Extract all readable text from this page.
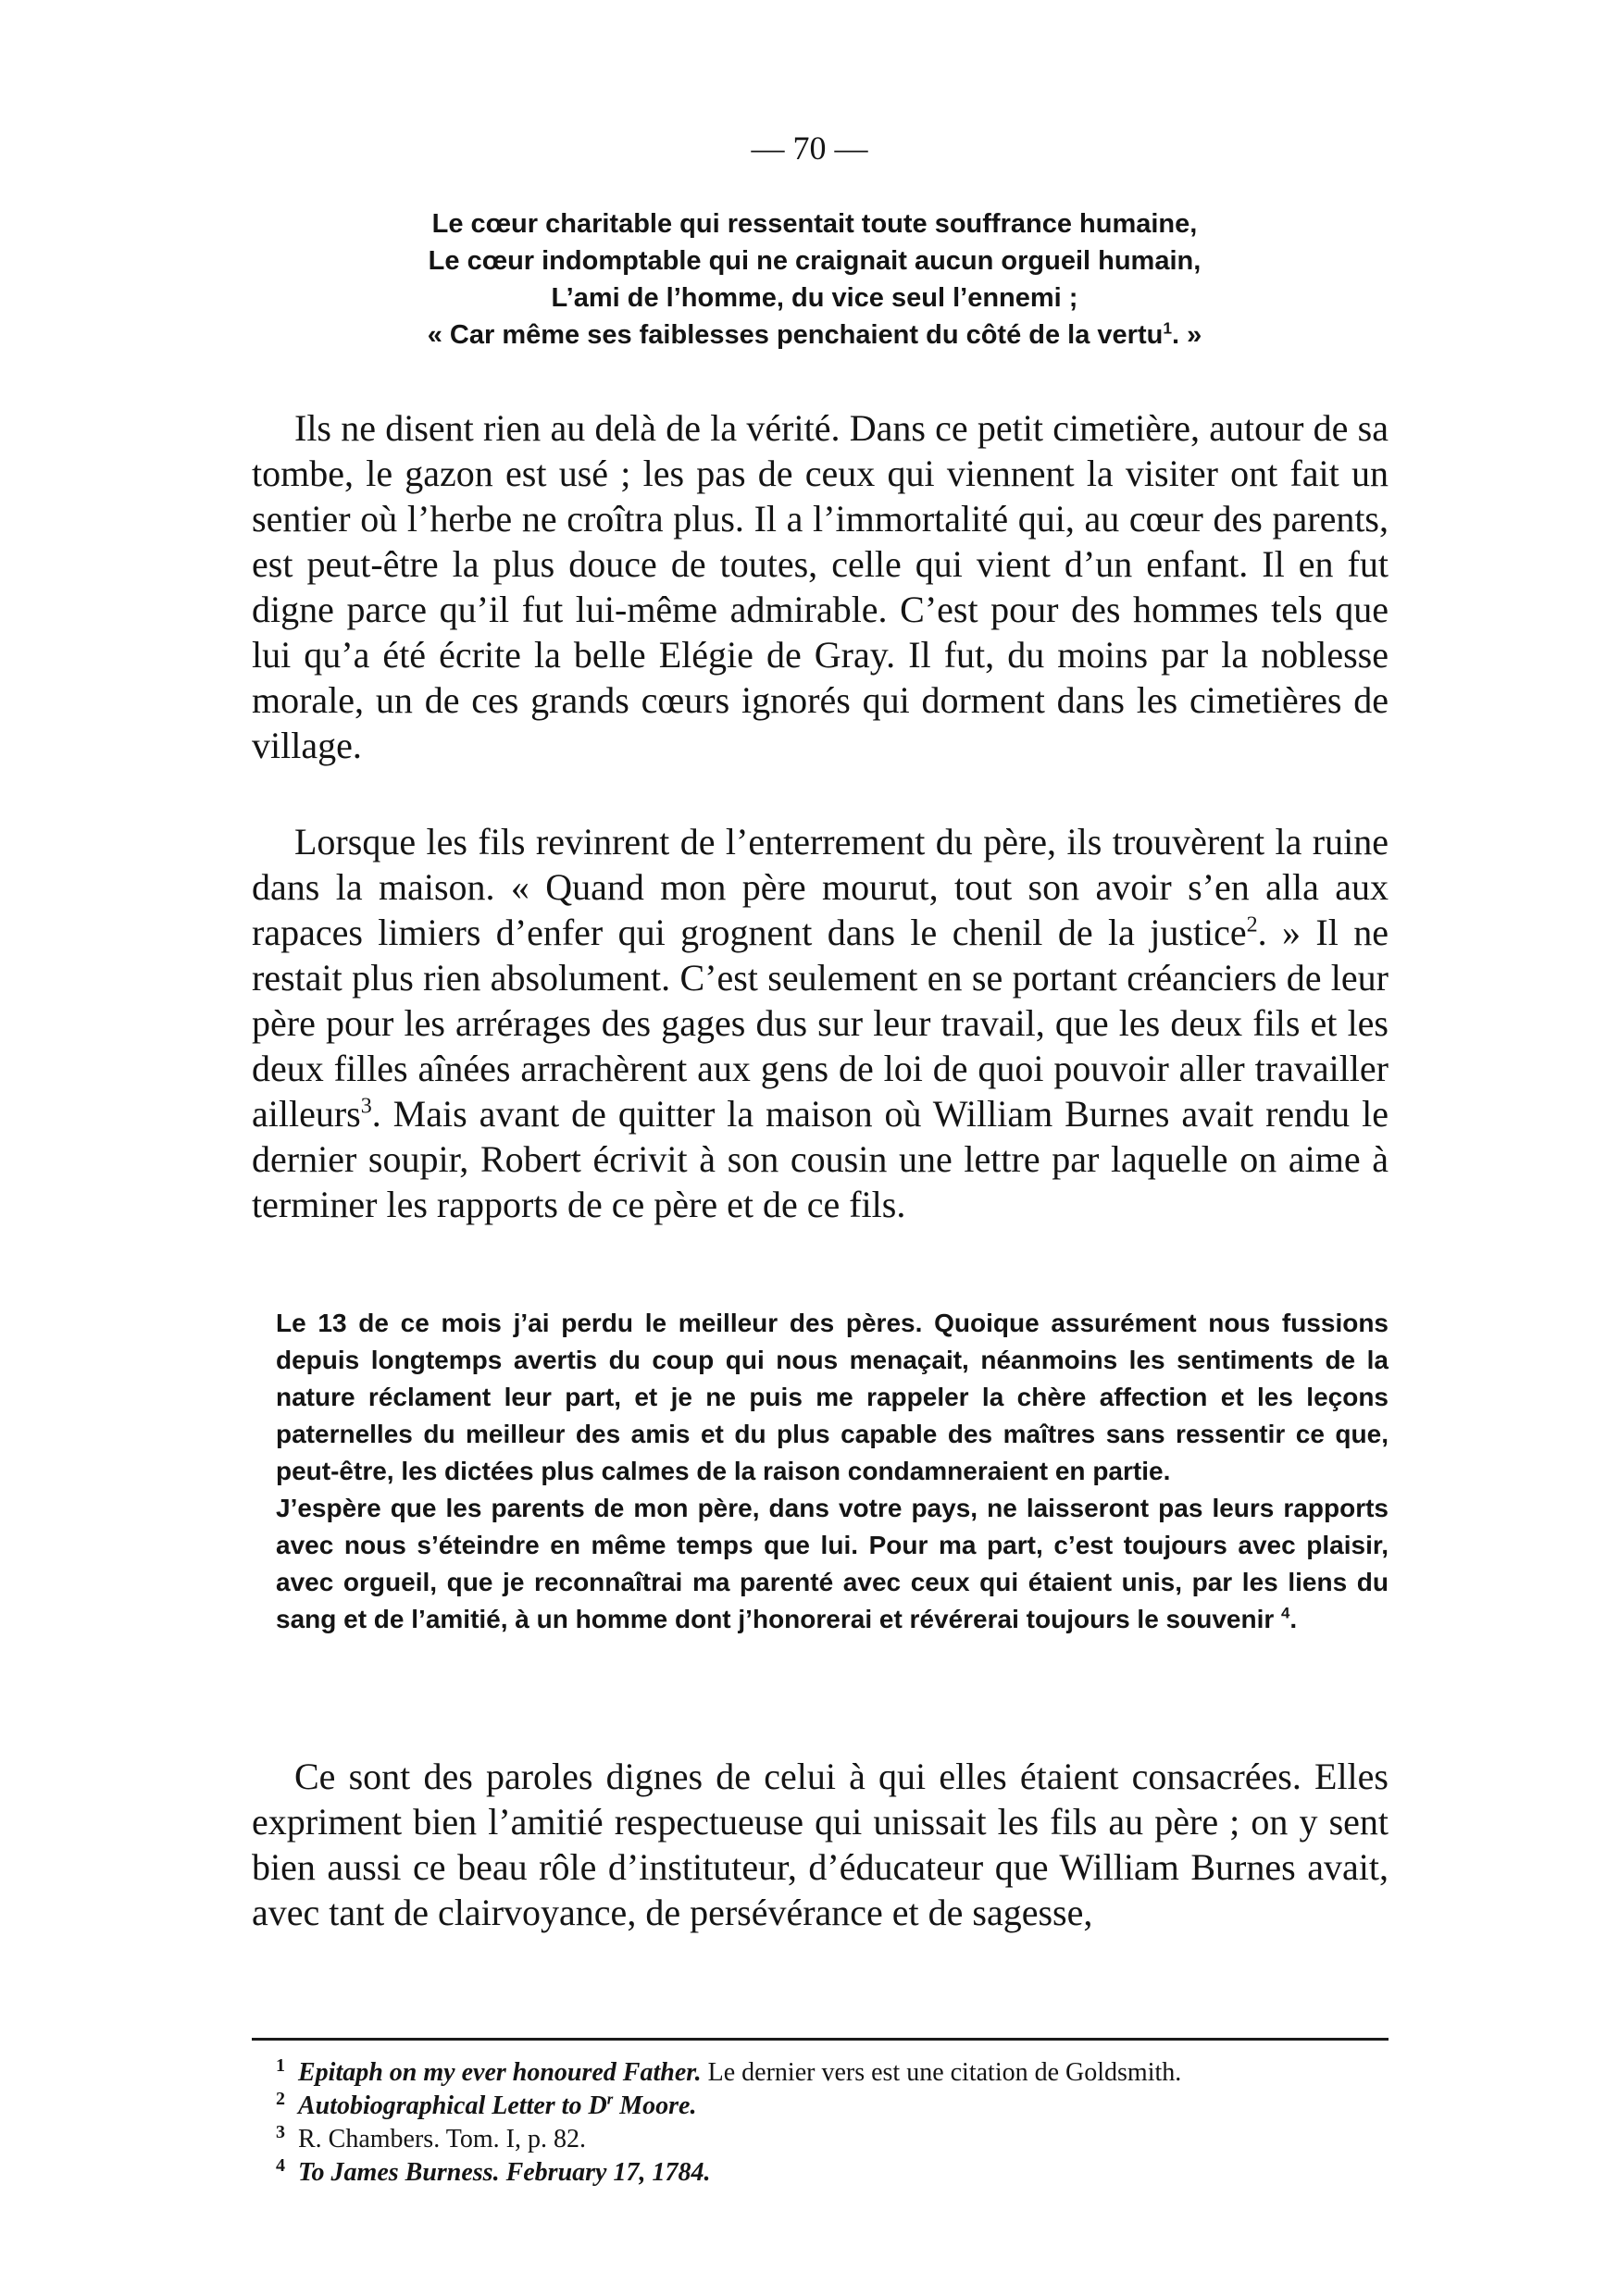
— 70 —
Le cœur charitable qui ressentait toute souffrance humaine,
Le cœur indomptable qui ne craignait aucun orgueil humain,
L’ami de l’homme, du vice seul l’ennemi ;
« Car même ses faiblesses penchaient du côté de la vertu$^1$. »

Ils ne disent rien au delà de la vérité. Dans ce petit cimetière, autour de sa tombe, le gazon est usé ; les pas de ceux qui viennent la visiter ont fait un sentier où l’herbe ne croîtra plus. Il a l’immortalité qui, au cœur des parents, est peut-être la plus douce de toutes, celle qui vient d’un enfant. Il en fut digne parce qu’il fut lui-même admirable. C’est pour des hommes tels que lui qu’a été écrite la belle Elégie de Gray. Il fut, du moins par la noblesse morale, un de ces grands cœurs ignorés qui dorment dans les cimetières de village.

Lorsque les fils revinrent de l’enterrement du père, ils trouvèrent la ruine dans la maison. « Quand mon père mourut, tout son avoir s’en alla aux rapaces limiers d’enfer qui grognent dans le chenil de la justice$^2$. » Il ne restait plus rien absolument. C’est seulement en se portant créanciers de leur père pour les arrérages des gages dus sur leur travail, que les deux fils et les deux filles aînées arrachèrent aux gens de loi de quoi pouvoir aller travailler ailleurs$^3$. Mais avant de quitter la maison où William Burnes avait rendu le dernier soupir, Robert écrivit à son cousin une lettre par laquelle on aime à terminer les rapports de ce père et de ce fils.

Le 13 de ce mois j’ai perdu le meilleur des pères. Quoique assurément nous fussions depuis longtemps avertis du coup qui nous menaçait, néanmoins les sentiments de la nature réclament leur part, et je ne puis me rappeler la chère affection et les leçons paternelles du meilleur des amis et du plus capable des maîtres sans ressentir ce que, peut-être, les dictées plus calmes de la raison condamneraient en partie.

J’espère que les parents de mon père, dans votre pays, ne laisseront pas leurs rapports avec nous s’éteindre en même temps que lui. Pour ma part, c’est toujours avec plaisir, avec orgueil, que je reconnaîtrai ma parenté avec ceux qui étaient unis, par les liens du sang et de l’amitié, à un homme dont j’honorerai et révérerai toujours le souvenir $^4$.

Ce sont des paroles dignes de celui à qui elles étaient consacrées. Elles expriment bien l’amitié respectueuse qui unissait les fils au père ; on y sent bien aussi ce beau rôle d’instituteur, d’éducateur que William Burnes avait, avec tant de clairvoyance, de persévérance et de sagesse,

$^1$ Epitaph on my ever honoured Father. Le dernier vers est une citation de Goldsmith.
$^2$ Autobiographical Letter to $D^r$ Moore.
$^3$ R. Chambers. Tom. I, p. 82.
$^4$ To James Burness. February 17, 1784.
